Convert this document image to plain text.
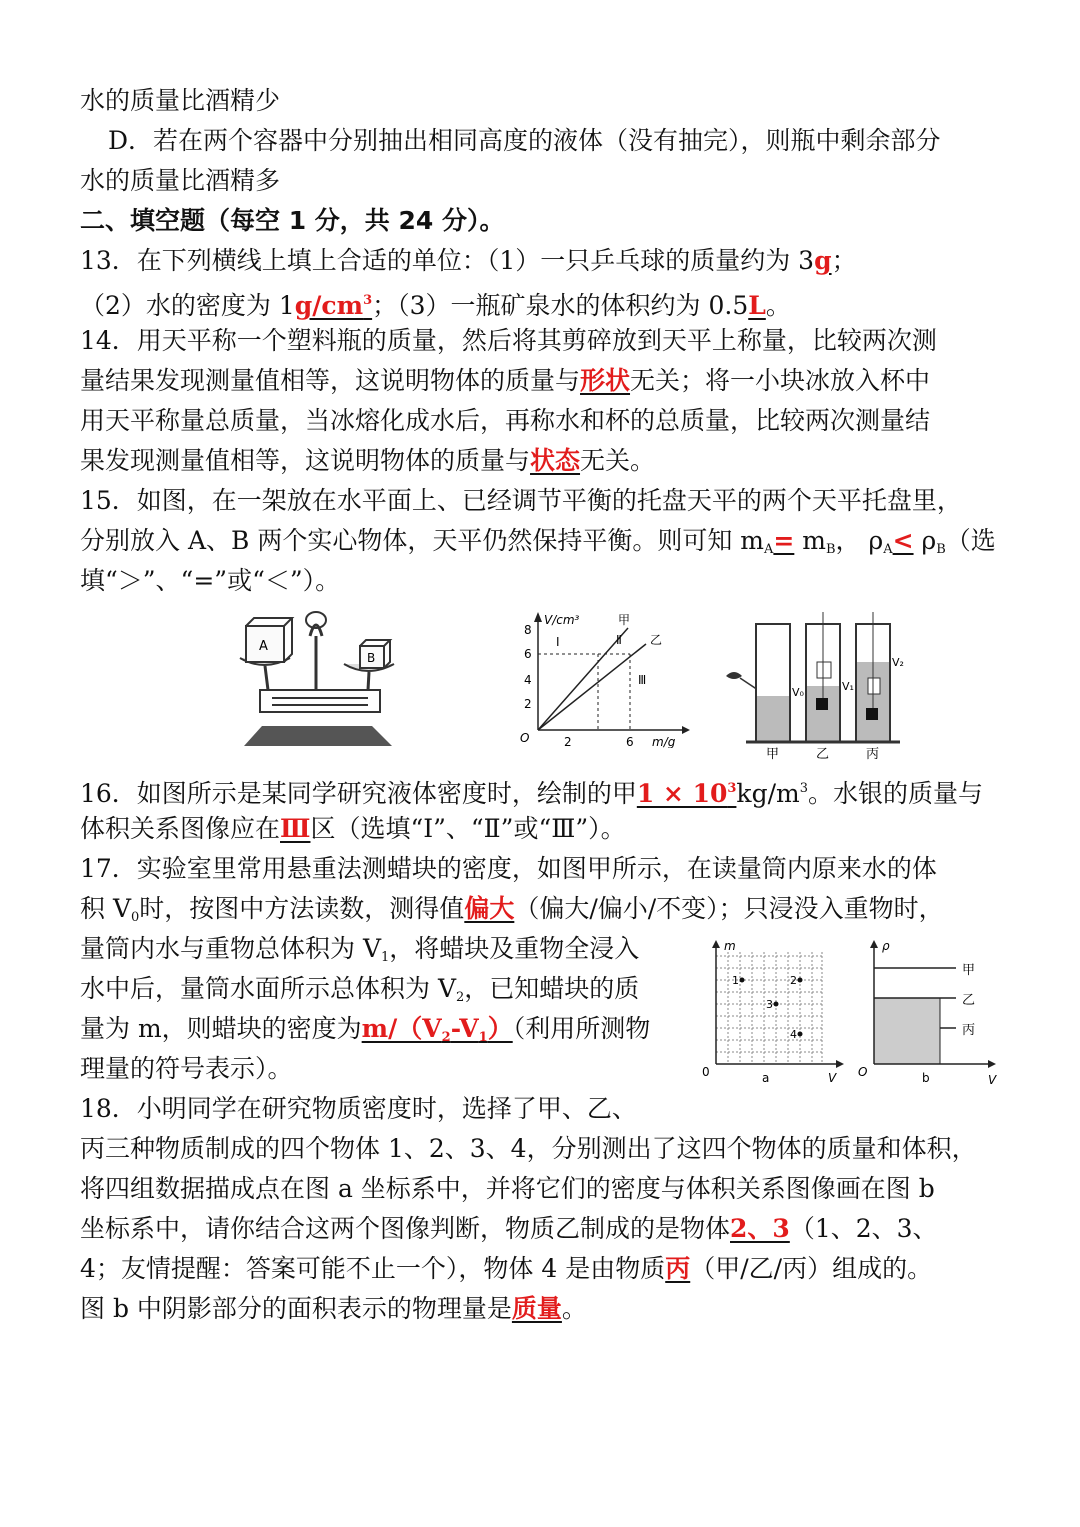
水的质量比酒精少
D．若在两个容器中分别抽出相同高度的液体（没有抽完），则瓶中剩余部分
水的质量比酒精多
二、填空题（每空 1 分，共 24 分）。
13．在下列横线上填上合适的单位：（1）一只乒乓球的质量约为 3g；
（2）水的密度为 $1g/cm^3$；（3）一瓶矿泉水的体积约为 0.5L。
14．用天平称一个塑料瓶的质量，然后将其剪碎放到天平上称量，比较两次测
量结果发现测量值相等，这说明物体的质量与形状无关；将一小块冰放入杯中
用天平称量总质量，当冰熔化成水后，再称水和杯的总质量，比较两次测量结
果发现测量值相等，这说明物体的质量与状态无关。
15．如图，在一架放在水平面上、已经调节平衡的托盘天平的两个天平托盘里，
分别放入 A、B 两个实心物体，天平仍然保持平衡。则可知 $m_A= m_B$， $\rho_A< \rho_B$（选
填“＞”、“=”或“＜”）。
A
B
V/cm³
m/g
O
2
4
6
8
2	6
Ⅰ	Ⅱ
Ⅲ
甲
乙
V₀	V₁
V₂
甲	乙	丙
16．如图所示是某同学研究液体密度时，绘制的甲$1 \times 10^3kg/m^3$。水银的质量与
体积关系图像应在Ⅲ区（选填“Ⅰ”、“Ⅱ”或“Ⅲ”）。
17．实验室里常用悬重法测蜡块的密度，如图甲所示，在读量筒内原来水的体
积 $V_0$时，按图中方法读数，测得值偏大（偏大/偏小/不变）；只浸没入重物时，
量筒内水与重物总体积为 $V_1$，将蜡块及重物全浸入
水中后，量筒水面所示总体积为 $V_2$，已知蜡块的质
量为 m，则蜡块的密度为$m/(V_2-V_1)$（利用所测物
理量的符号表示）。
m
V
0	a
1	2
3
4
ρ
V
O	b
甲
乙
丙
18．小明同学在研究物质密度时，选择了甲、乙、
丙三种物质制成的四个物体 1、2、3、4，分别测出了这四个物体的质量和体积，
将四组数据描成点在图 a 坐标系中，并将它们的密度与体积关系图像画在图 b
坐标系中，请你结合这两个图像判断，物质乙制成的是物体2、3（1、2、3、
4；友情提醒：答案可能不止一个），物体 4 是由物质丙（甲/乙/丙）组成的。
图 b 中阴影部分的面积表示的物理量是质量。
